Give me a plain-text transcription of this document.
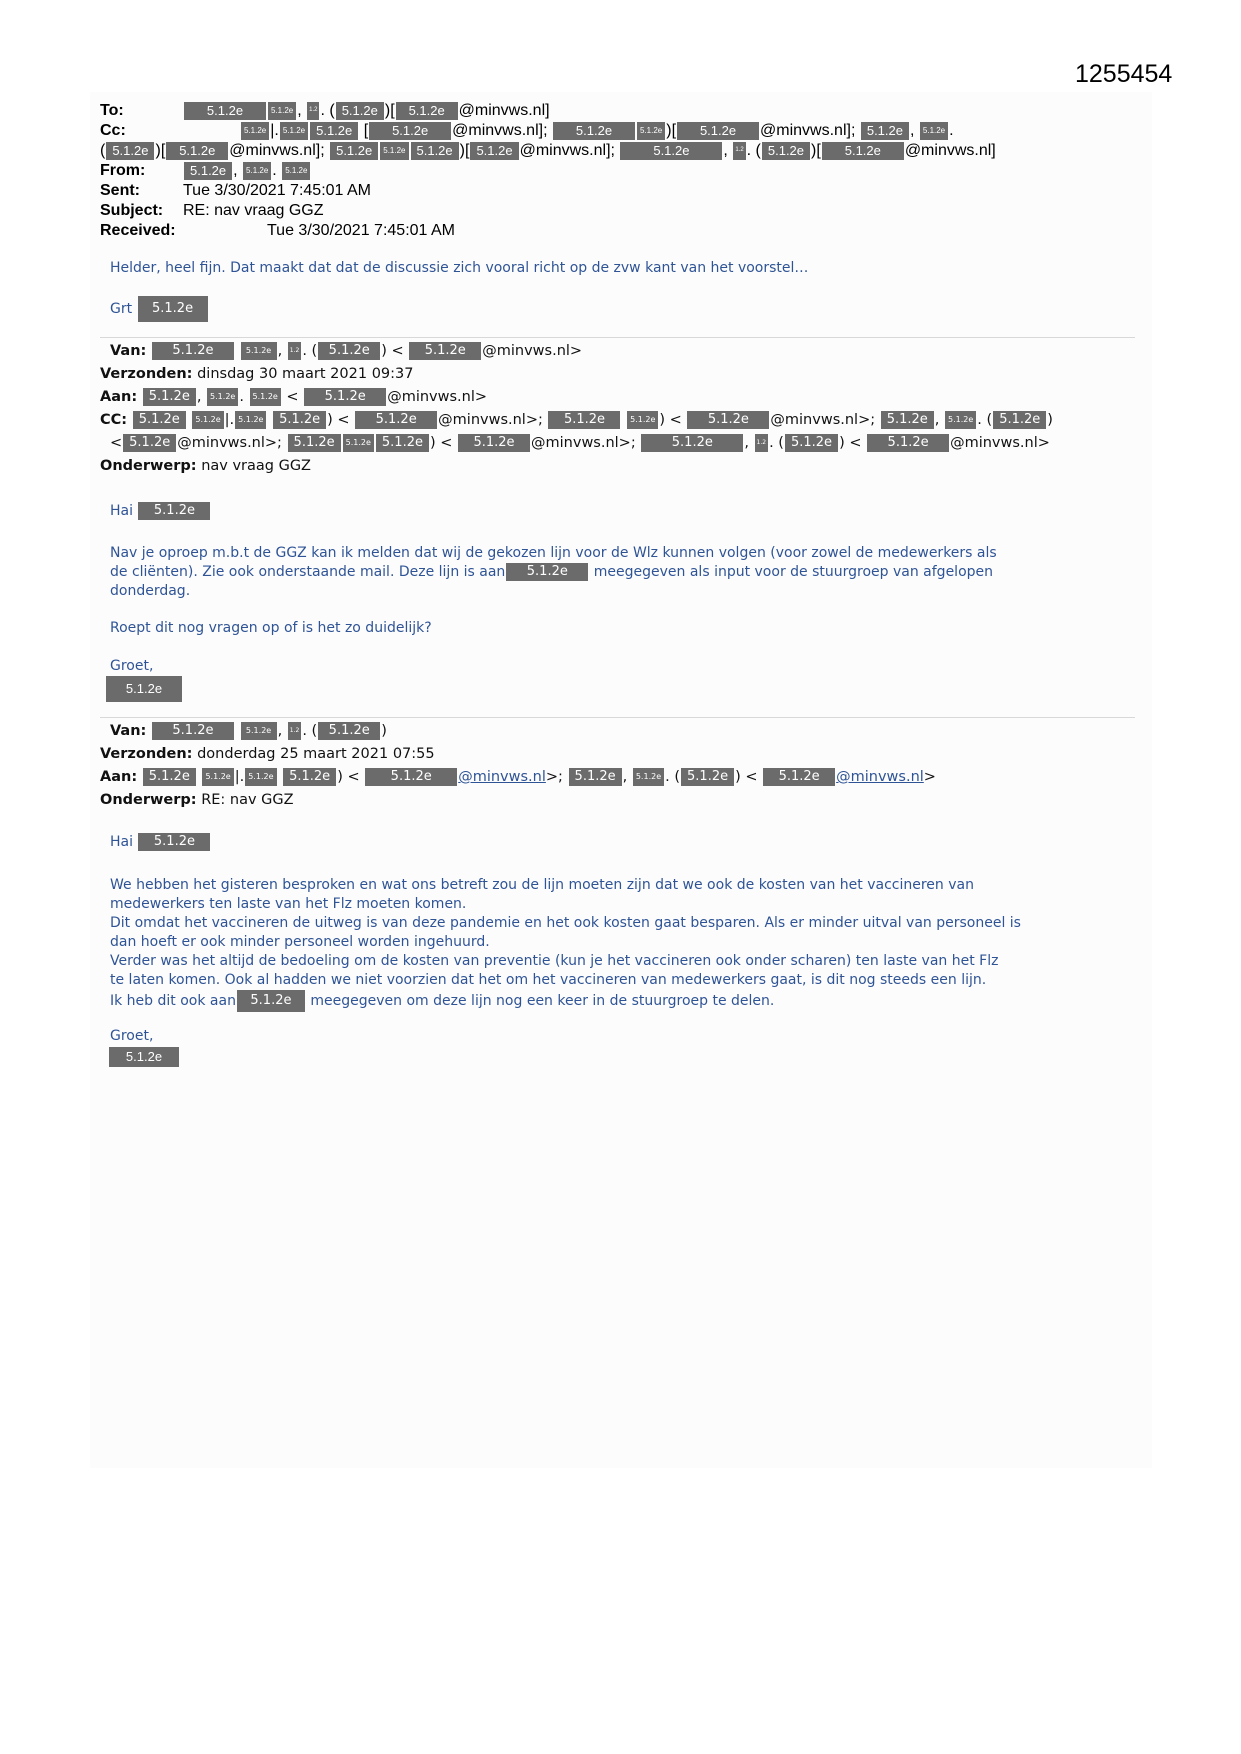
1255454
To:	5.1.2e	5.1.2e , 1.2 . ( 5.1.2e )[ 5.1.2e @minvws.nl]
Cc:	5.1.2e |. 5.1.2e 5.1.2e [ 5.1.2e @minvws.nl]; 5.1.2e	5.1.2e )[ 5.1.2e @minvws.nl]; 5.1.2e , 5.1.2e .
( 5.1.2e )[ 5.1.2e @minvws.nl]; 5.1.2e 5.1.2e 5.1.2e )[ 5.1.2e @minvws.nl];	5.1.2e , 1.2 . ( 5.1.2e )[ 5.1.2e @minvws.nl]
From:	5.1.2e , 5.1.2e . 5.1.2e
Sent:	Tue 3/30/2021 7:45:01 AM
Subject: RE: nav vraag GGZ
Received:	Tue 3/30/2021 7:45:01 AM

Helder, heel fijn. Dat maakt dat dat de discussie zich vooral richt op de zvw kant van het voorstel…

Grt 5.1.2e
Van: 5.1.2e	5.1.2e , 1.2 . ( 5.1.2e ) < 5.1.2e @minvws.nl>
Verzonden: dinsdag 30 maart 2021 09:37
Aan: 5.1.2e , 5.1.2e . 5.1.2e < 5.1.2e @minvws.nl>
CC: 5.1.2e 5.1.2e |. 5.1.2e 5.1.2e ) < 5.1.2e @minvws.nl>; 5.1.2e	5.1.2e ) < 5.1.2e @minvws.nl>; 5.1.2e , 5.1.2e . ( 5.1.2e )
< 5.1.2e @minvws.nl>; 5.1.2e 5.1.2e 5.1.2e ) < 5.1.2e @minvws.nl>;	5.1.2e , 1.2 . ( 5.1.2e ) < 5.1.2e @minvws.nl>
Onderwerp: nav vraag GGZ
Hai 5.1.2e

Nav je oproep m.b.t de GGZ kan ik melden dat wij de gekozen lijn voor de Wlz kunnen volgen (voor zowel de medewerkers als

de cliënten). Zie ook onderstaande mail. Deze lijn is aan 5.1.2e meegegeven als input voor de stuurgroep van afgelopen

donderdag.

Roept dit nog vragen op of is het zo duidelijk?

Groet,

5.1.2e
Van: 5.1.2e	5.1.2e , 1.2 . ( 5.1.2e )
Verzonden: donderdag 25 maart 2021 07:55
Aan: 5.1.2e 5.1.2e |. 5.1.2e 5.1.2e ) < 5.1.2e @minvws.nl>; 5.1.2e , 5.1.2e . ( 5.1.2e ) < 5.1.2e @minvws.nl>
Onderwerp: RE: nav GGZ
Hai 5.1.2e

We hebben het gisteren besproken en wat ons betreft zou de lijn moeten zijn dat we ook de kosten van het vaccineren van

medewerkers ten laste van het Flz moeten komen.

Dit omdat het vaccineren de uitweg is van deze pandemie en het ook kosten gaat besparen. Als er minder uitval van personeel is

dan hoeft er ook minder personeel worden ingehuurd.

Verder was het altijd de bedoeling om de kosten van preventie (kun je het vaccineren ook onder scharen) ten laste van het Flz

te laten komen. Ook al hadden we niet voorzien dat het om het vaccineren van medewerkers gaat, is dit nog steeds een lijn.

Ik heb dit ook aan 5.1.2e meegegeven om deze lijn nog een keer in de stuurgroep te delen.

Groet,

5.1.2e
